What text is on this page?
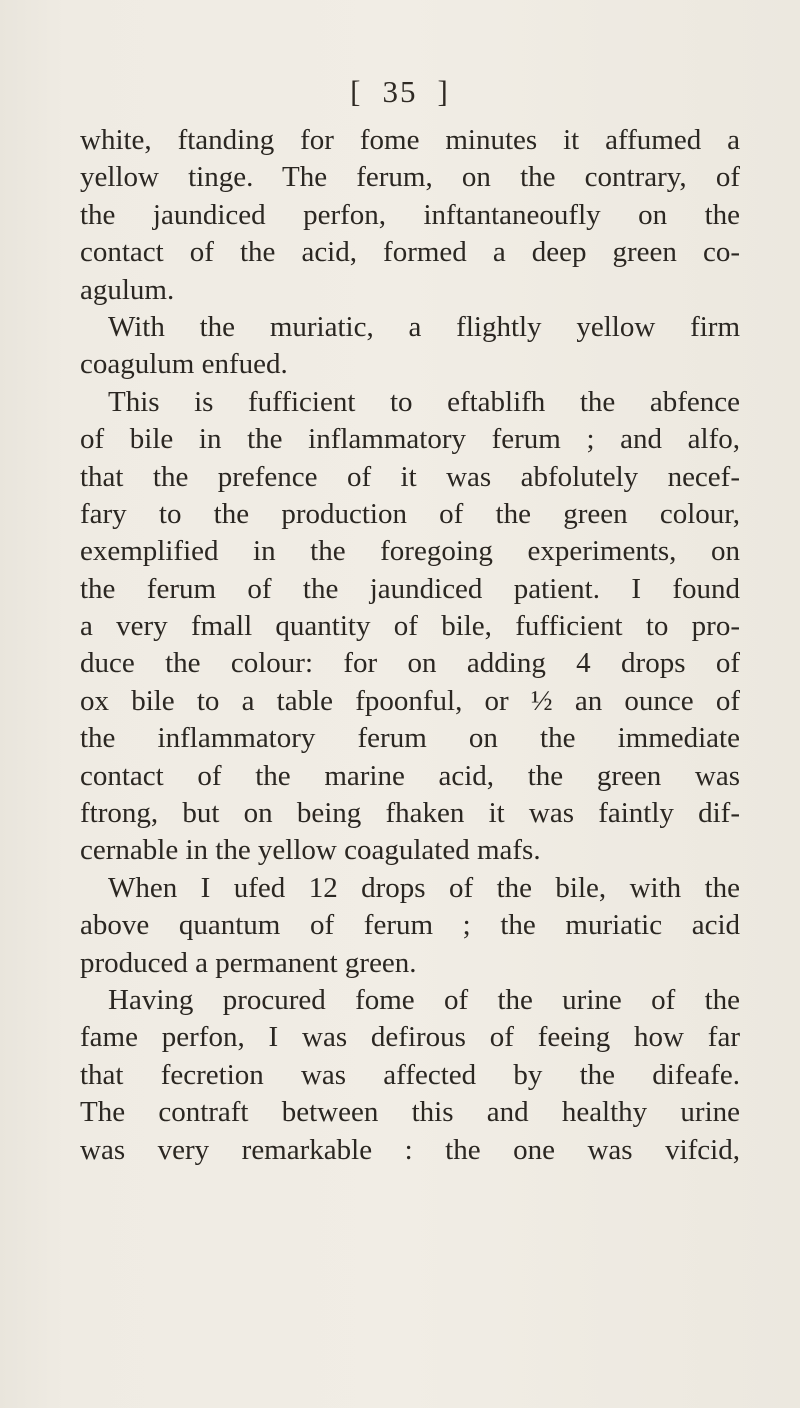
[ 35 ]
white, ftanding for fome minutes it affumed a
yellow tinge. The ferum, on the contrary, of
the jaundiced perfon, inftantaneoufly on the
contact of the acid, formed a deep green co-
agulum.
With the muriatic, a flightly yellow firm
coagulum enfued.
This is fufficient to eftablifh the abfence
of bile in the inflammatory ferum ; and alfo,
that the prefence of it was abfolutely necef-
fary to the production of the green colour,
exemplified in the foregoing experiments, on
the ferum of the jaundiced patient. I found
a very fmall quantity of bile, fufficient to pro-
duce the colour: for on adding 4 drops of
ox bile to a table fpoonful, or ½ an ounce of
the inflammatory ferum on the immediate
contact of the marine acid, the green was
ftrong, but on being fhaken it was faintly dif-
cernable in the yellow coagulated mafs.
When I ufed 12 drops of the bile, with the
above quantum of ferum ; the muriatic acid
produced a permanent green.
Having procured fome of the urine of the
fame perfon, I was defirous of feeing how far
that fecretion was affected by the difeafe.
The contraft between this and healthy urine
was very remarkable : the one was vifcid,
